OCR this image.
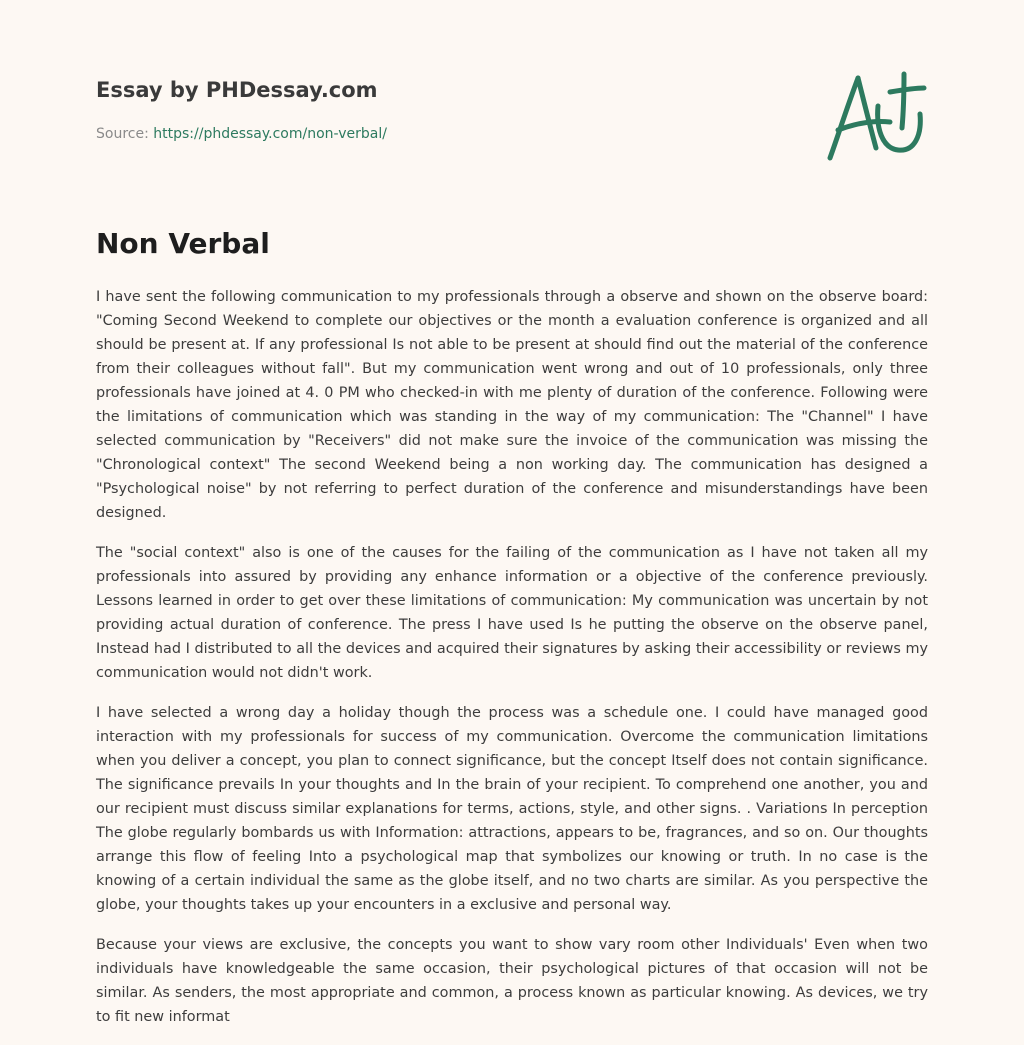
Essay by PHDessay.com
Source: https://phdessay.com/non-verbal/
Non Verbal

I have sent the following communication to my professionals through a observe and shown on the observe board: "Coming Second Weekend to complete our objectives or the month a evaluation conference is organized and all should be present at. If any professional Is not able to be present at should find out the material of the conference from their colleagues without fall". But my communication went wrong and out of 10 professionals, only three professionals have joined at 4. 0 PM who checked-in with me plenty of duration of the conference. Following were the limitations of communication which was standing in the way of my communication: The "Channel" I have selected communication by "Receivers" did not make sure the invoice of the communication was missing the "Chronological context" The second Weekend being a non working day. The communication has designed a "Psychological noise" by not referring to perfect duration of the conference and misunderstandings have been designed.

The "social context" also is one of the causes for the failing of the communication as I have not taken all my professionals into assured by providing any enhance information or a objective of the conference previously. Lessons learned in order to get over these limitations of communication: My communication was uncertain by not providing actual duration of conference. The press I have used Is he putting the observe on the observe panel, Instead had I distributed to all the devices and acquired their signatures by asking their accessibility or reviews my communication would not didn't work.

I have selected a wrong day a holiday though the process was a schedule one. I could have managed good interaction with my professionals for success of my communication. Overcome the communication limitations when you deliver a concept, you plan to connect significance, but the concept Itself does not contain significance. The significance prevails In your thoughts and In the brain of your recipient. To comprehend one another, you and our recipient must discuss similar explanations for terms, actions, style, and other signs. . Variations In perception The globe regularly bombards us with Information: attractions, appears to be, fragrances, and so on. Our thoughts arrange this flow of feeling Into a psychological map that symbolizes our knowing or truth. In no case is the knowing of a certain individual the same as the globe itself, and no two charts are similar. As you perspective the globe, your thoughts takes up your encounters in a exclusive and personal way.

Because your views are exclusive, the concepts you want to show vary room other Individuals' Even when two individuals have knowledgeable the same occasion, their psychological pictures of that occasion will not be similar. As senders, the most appropriate and common, a process known as particular knowing. As devices, we try to fit new informat
